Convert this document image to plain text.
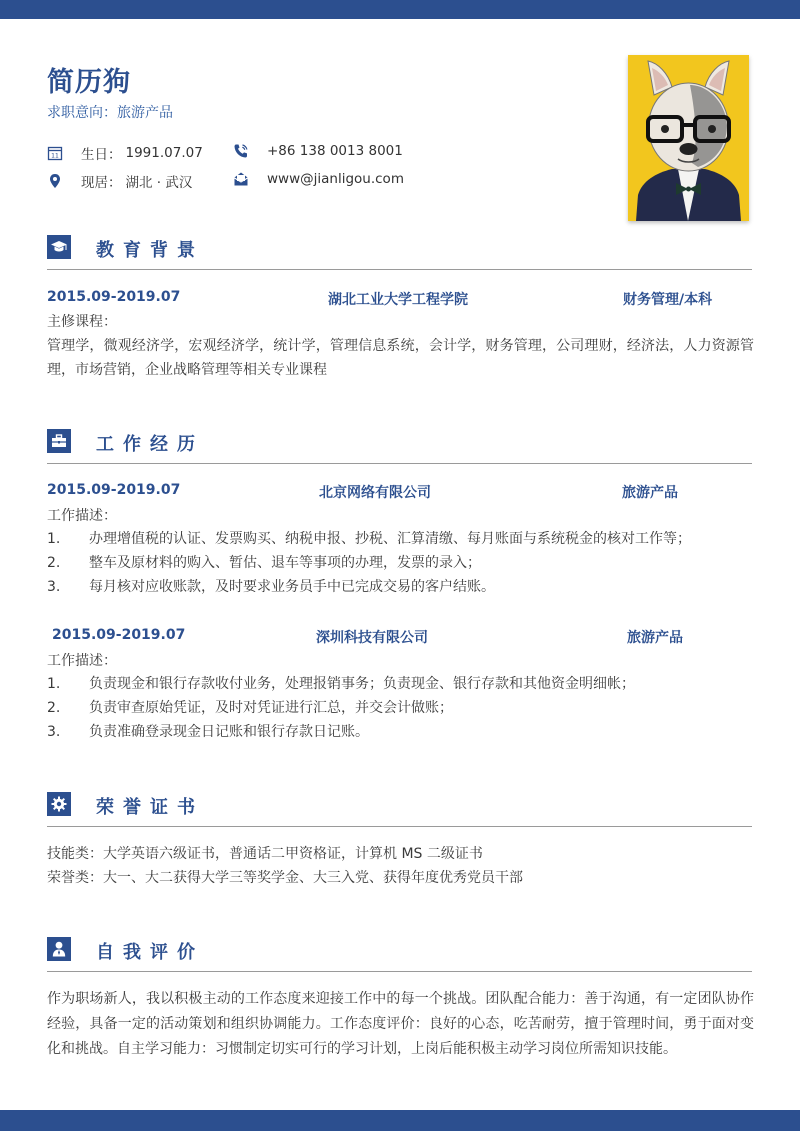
简历狗
求职意向：旅游产品
11 生日： 1991.07.07
现居： 湖北 · 武汉
+86 138 0013 8001
www@jianligou.com
教育背景
2015.09-2019.07	湖北工业大学工程学院	财务管理/本科
主修课程：
管理学，微观经济学，宏观经济学，统计学，管理信息系统，会计学，财务管理，公司理财，经济法，人力资源管理，市场营销，企业战略管理等相关专业课程
工作经历
2015.09-2019.07	北京网络有限公司	旅游产品
工作描述：
1.	办理增值税的认证、发票购买、纳税申报、抄税、汇算清缴、每月账面与系统税金的核对工作等；
2.	整车及原材料的购入、暂估、退车等事项的办理，发票的录入；
3.	每月核对应收账款，及时要求业务员手中已完成交易的客户结账。
2015.09-2019.07	深圳科技有限公司	旅游产品
工作描述：
1.	负责现金和银行存款收付业务，处理报销事务；负责现金、银行存款和其他资金明细帐；
2.	负责审查原始凭证，及时对凭证进行汇总，并交会计做账；
3.	负责准确登录现金日记账和银行存款日记账。
荣誉证书
技能类：大学英语六级证书，普通话二甲资格证，计算机 MS 二级证书
荣誉类：大一、大二获得大学三等奖学金、大三入党、获得年度优秀党员干部
自我评价
作为职场新人，我以积极主动的工作态度来迎接工作中的每一个挑战。团队配合能力：善于沟通，有一定团队协作经验，具备一定的活动策划和组织协调能力。工作态度评价：良好的心态，吃苦耐劳，擅于管理时间，勇于面对变化和挑战。自主学习能力：习惯制定切实可行的学习计划，上岗后能积极主动学习岗位所需知识技能。
